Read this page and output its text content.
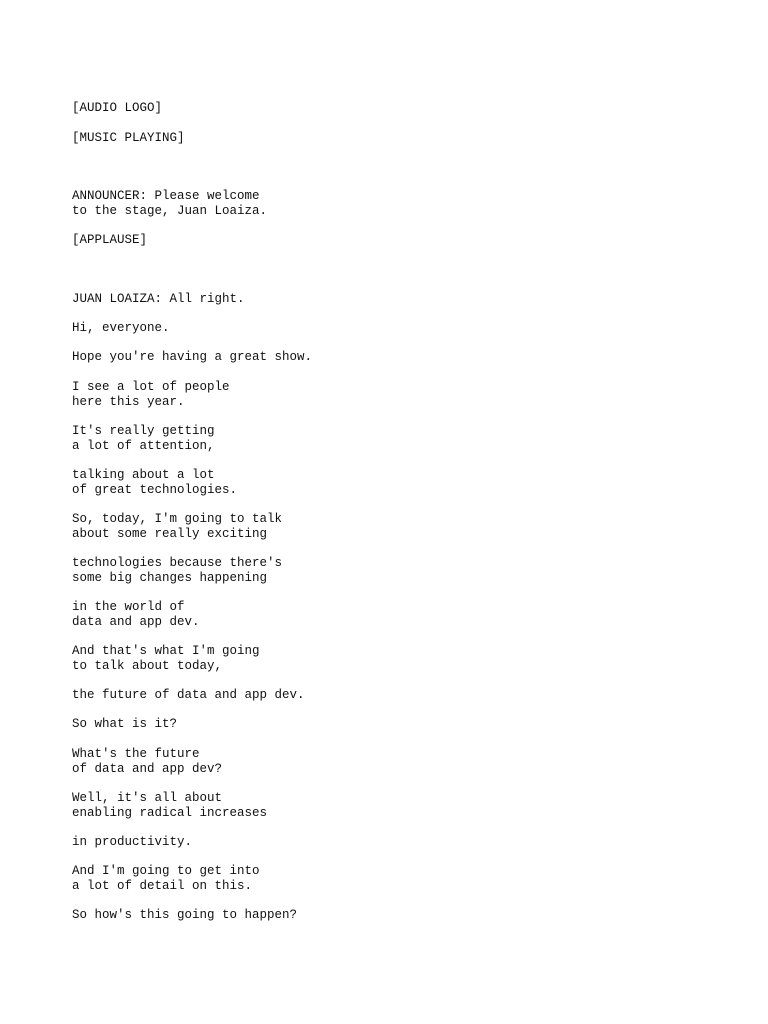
[AUDIO LOGO]

[MUSIC PLAYING]

ANNOUNCER: Please welcome
to the stage, Juan Loaiza.

[APPLAUSE]

JUAN LOAIZA: All right.

Hi, everyone.

Hope you're having a great show.

I see a lot of people
here this year.

It's really getting
a lot of attention,

talking about a lot
of great technologies.

So, today, I'm going to talk
about some really exciting

technologies because there's
some big changes happening

in the world of
data and app dev.

And that's what I'm going
to talk about today,

the future of data and app dev.

So what is it?

What's the future
of data and app dev?

Well, it's all about
enabling radical increases

in productivity.

And I'm going to get into
a lot of detail on this.

So how's this going to happen?
